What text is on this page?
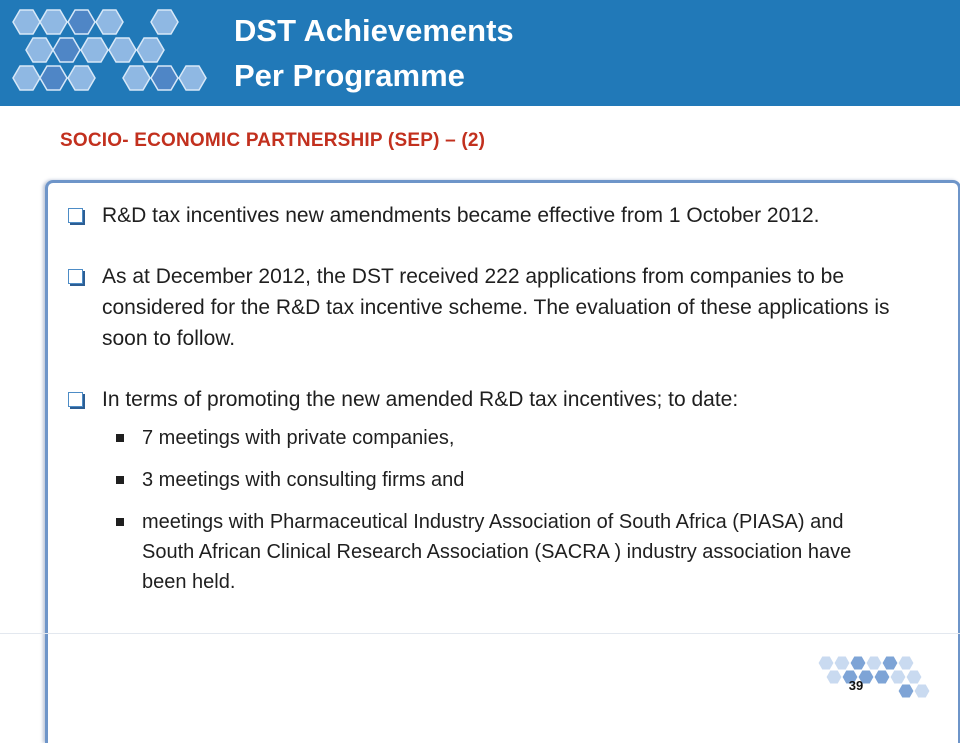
DST Achievements
Per Programme
SOCIO- ECONOMIC PARTNERSHIP (SEP) – (2)
R&D tax incentives new amendments became effective from 1 October 2012.
As at December 2012, the DST received 222 applications from companies to be considered for the R&D tax incentive scheme. The evaluation of these applications is soon to follow.
In terms of promoting the new amended R&D tax incentives; to date:
7 meetings with private companies,
3 meetings with consulting firms and
meetings with Pharmaceutical Industry Association of South Africa (PIASA) and South African Clinical Research Association (SACRA ) industry association have been held.
39
